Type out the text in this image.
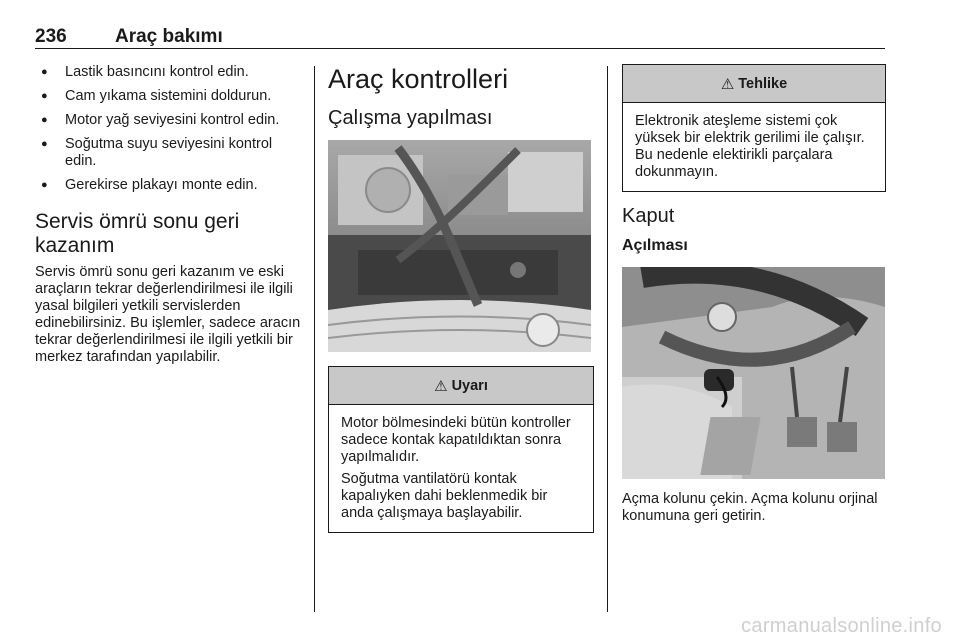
236	Araç bakımı
● Lastik basıncını kontrol edin.
● Cam yıkama sistemini doldurun.
● Motor yağ seviyesini kontrol edin.
● Soğutma suyu seviyesini kontrol edin.
● Gerekirse plakayı monte edin.
Servis ömrü sonu geri kazanım

Servis ömrü sonu geri kazanım ve eski araçların tekrar değerlendirilmesi ile ilgili yasal bilgileri yetkili servislerden edinebilirsiniz. Bu işlemler, sadece aracın tekrar değerlendirilmesi ile ilgili yetkili bir merkez tarafından yapılabilir.

Araç kontrolleri
Çalışma yapılması
⚠ Uyarı

Motor bölmesindeki bütün kontroller sadece kontak kapatıldıktan sonra yapılmalıdır.

Soğutma vantilatörü kontak kapalıyken dahi beklenmedik bir anda çalışmaya başlayabilir.

⚠ Tehlike

Elektronik ateşleme sistemi çok yüksek bir elektrik gerilimi ile çalışır. Bu nedenle elektirikli parçalara dokunmayın.

Kaput
Açılması

Açma kolunu çekin. Açma kolunu orjinal konumuna geri getirin.

carmanualsonline.info
